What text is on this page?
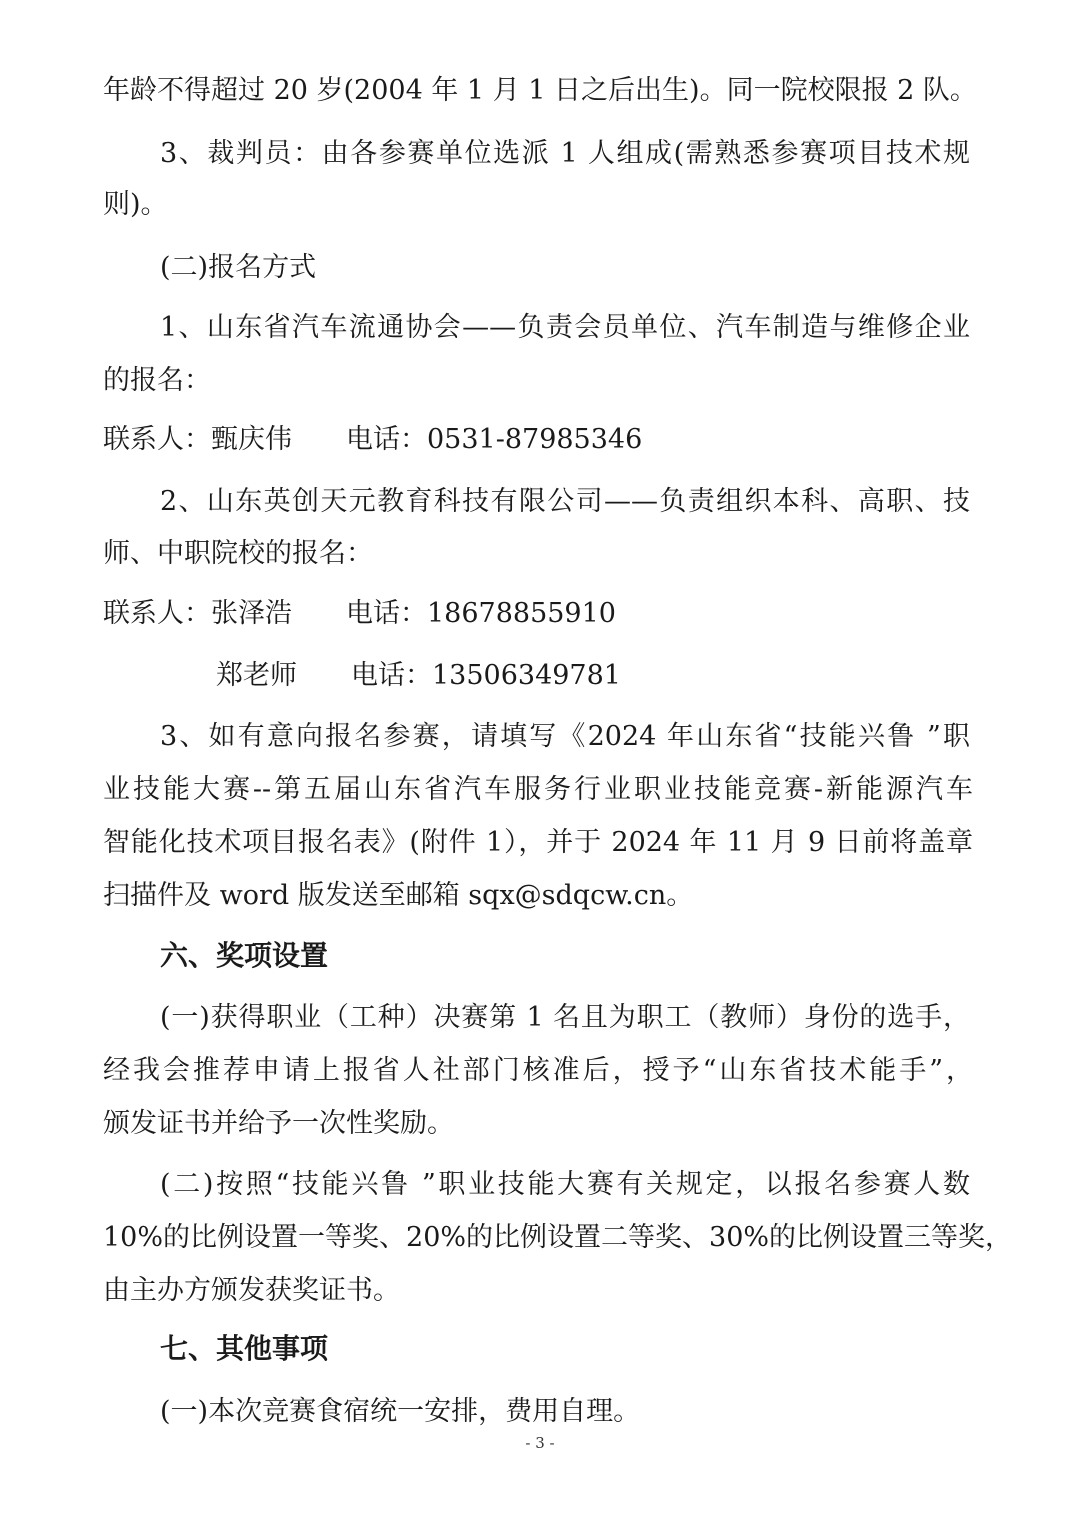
年龄不得超过 20 岁(2004 年 1 月 1 日之后出生)。同一院校限报 2 队。
3、裁判员：由各参赛单位选派 1 人组成(需熟悉参赛项目技术规
则)。
(二)报名方式
1、山东省汽车流通协会——负责会员单位、汽车制造与维修企业
的报名：
联系人：甄庆伟　　电话：0531-87985346
2、山东英创天元教育科技有限公司——负责组织本科、高职、技
师、中职院校的报名：
联系人：张泽浩　　电话：18678855910
郑老师　　电话：13506349781
3、如有意向报名参赛，请填写《2024 年山东省“技能兴鲁 ”职
业技能大赛--第五届山东省汽车服务行业职业技能竞赛-新能源汽车
智能化技术项目报名表》(附件 1），并于 2024 年 11 月 9 日前将盖章
扫描件及 word 版发送至邮箱 sqx@sdqcw.cn。
六、奖项设置
(一)获得职业（工种）决赛第 1 名且为职工（教师）身份的选手，
经我会推荐申请上报省人社部门核准后，授予“山东省技术能手”，
颁发证书并给予一次性奖励。
(二)按照“技能兴鲁 ”职业技能大赛有关规定，以报名参赛人数
10%的比例设置一等奖、20%的比例设置二等奖、30%的比例设置三等奖，
由主办方颁发获奖证书。
七、其他事项
(一)本次竞赛食宿统一安排，费用自理。
- 3 -
